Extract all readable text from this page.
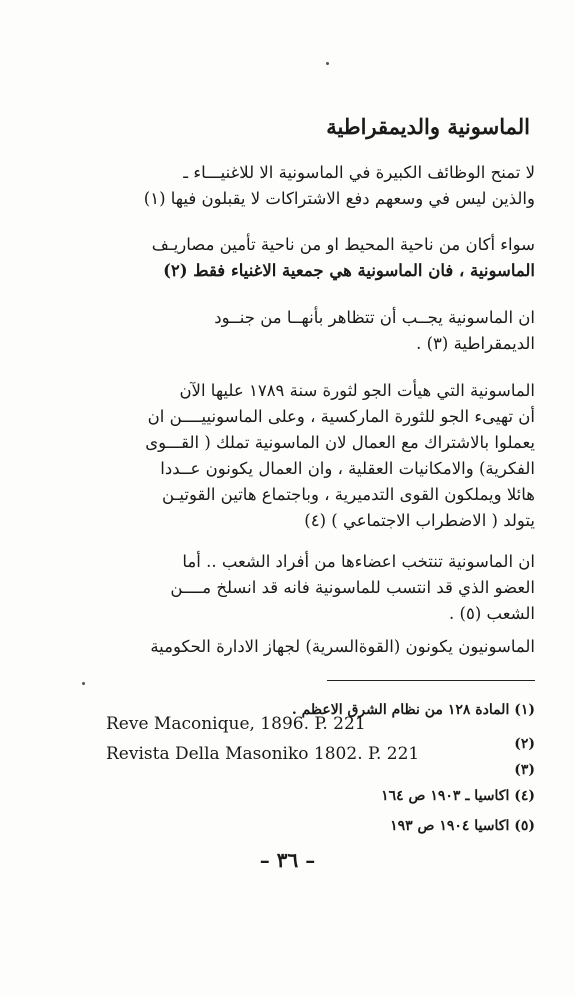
الماسونية والديمقراطية
لا تمنح الوظائف الكبيرة في الماسونية الا للاغنيـــاء ـ
والذين ليس في وسعهم دفع الاشتراكات لا يقبلون فيها (١)
سواء أكان من ناحية المحيط او من ناحية تأمين مصاريـف
الماسونية ، فان الماسونية هي جمعية الاغنياء فقط (٢)
ان الماسونية يجــب أن تتظاهر بأنهــا من جنــود
الديمقراطية (٣) .
الماسونية التي هيأت الجو لثورة سنة ١٧٨٩ عليها الآن
أن تهيىء الجو للثورة الماركسية ، وعلى الماسونييــــن ان
يعملوا بالاشتراك مع العمال لان الماسونية تملك ( القـــوى
الفكرية) والامكانيات العقلية ، وان العمال يكونون عــددا
هائلا ويملكون القوى التدميرية ، وباجتماع هاتين القوتيـن
يتولد ( الاضطراب الاجتماعي ) (٤)
ان الماسونية تنتخب اعضاءها من أفراد الشعب .. أما
العضو الذي قد انتسب للماسونية فانه قد انسلخ مــــن
الشعب (٥) .
الماسونيون يكونون (القوةالسرية) لجهاز الادارة الحكومية
(١) المادة ١٢٨ من نظام الشرق الاعظم .
Reve Maconique, 1896. P. 221
(٢)
Revista Della Masoniko 1802. P. 221
(٣)
(٤) اكاسيا ـ ١٩٠٣ ص ١٦٤
(٥) اكاسيا ١٩٠٤ ص ١٩٣
– ٣٦ –
